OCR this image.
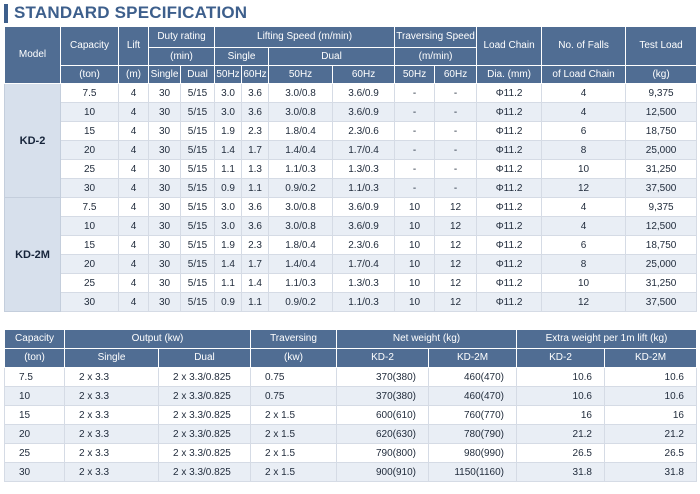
STANDARD SPECIFICATION
Model	Capacity	Lift	Duty rating		Lifting Speed (m/min)				Traversing Speed		Load Chain	No. of Falls	Test Load
			(min)		Single		Dual		(m/min)				
	(ton)	(m)	Single	Dual	50Hz	60Hz	50Hz	60Hz	50Hz	60Hz	Dia. (mm)	of Load Chain	(kg)
KD-2	7.5	4	30	5/15	3.0	3.6	3.0/0.8	3.6/0.9	-	-	Φ11.2	4	9,375
	10	4	30	5/15	3.0	3.6	3.0/0.8	3.6/0.9	-	-	Φ11.2	4	12,500
	15	4	30	5/15	1.9	2.3	1.8/0.4	2.3/0.6	-	-	Φ11.2	6	18,750
	20	4	30	5/15	1.4	1.7	1.4/0.4	1.7/0.4	-	-	Φ11.2	8	25,000
	25	4	30	5/15	1.1	1.3	1.1/0.3	1.3/0.3	-	-	Φ11.2	10	31,250
	30	4	30	5/15	0.9	1.1	0.9/0.2	1.1/0.3	-	-	Φ11.2	12	37,500
KD-2M	7.5	4	30	5/15	3.0	3.6	3.0/0.8	3.6/0.9	10	12	Φ11.2	4	9,375
	10	4	30	5/15	3.0	3.6	3.0/0.8	3.6/0.9	10	12	Φ11.2	4	12,500
	15	4	30	5/15	1.9	2.3	1.8/0.4	2.3/0.6	10	12	Φ11.2	6	18,750
	20	4	30	5/15	1.4	1.7	1.4/0.4	1.7/0.4	10	12	Φ11.2	8	25,000
	25	4	30	5/15	1.1	1.4	1.1/0.3	1.3/0.3	10	12	Φ11.2	10	31,250
	30	4	30	5/15	0.9	1.1	0.9/0.2	1.1/0.3	10	12	Φ11.2	12	37,500
Capacity	Output (kw)		Traversing	Net weight (kg)		Extra weight per 1m lift (kg)	
(ton)	Single	Dual	(kw)	KD-2	KD-2M	KD-2	KD-2M
7.5	2 x 3.3	2 x 3.3/0.825	0.75	370(380)	460(470)	10.6	10.6
10	2 x 3.3	2 x 3.3/0.825	0.75	370(380)	460(470)	10.6	10.6
15	2 x 3.3	2 x 3.3/0.825	2 x 1.5	600(610)	760(770)	16	16
20	2 x 3.3	2 x 3.3/0.825	2 x 1.5	620(630)	780(790)	21.2	21.2
25	2 x 3.3	2 x 3.3/0.825	2 x 1.5	790(800)	980(990)	26.5	26.5
30	2 x 3.3	2 x 3.3/0.825	2 x 1.5	900(910)	1150(1160)	31.8	31.8
